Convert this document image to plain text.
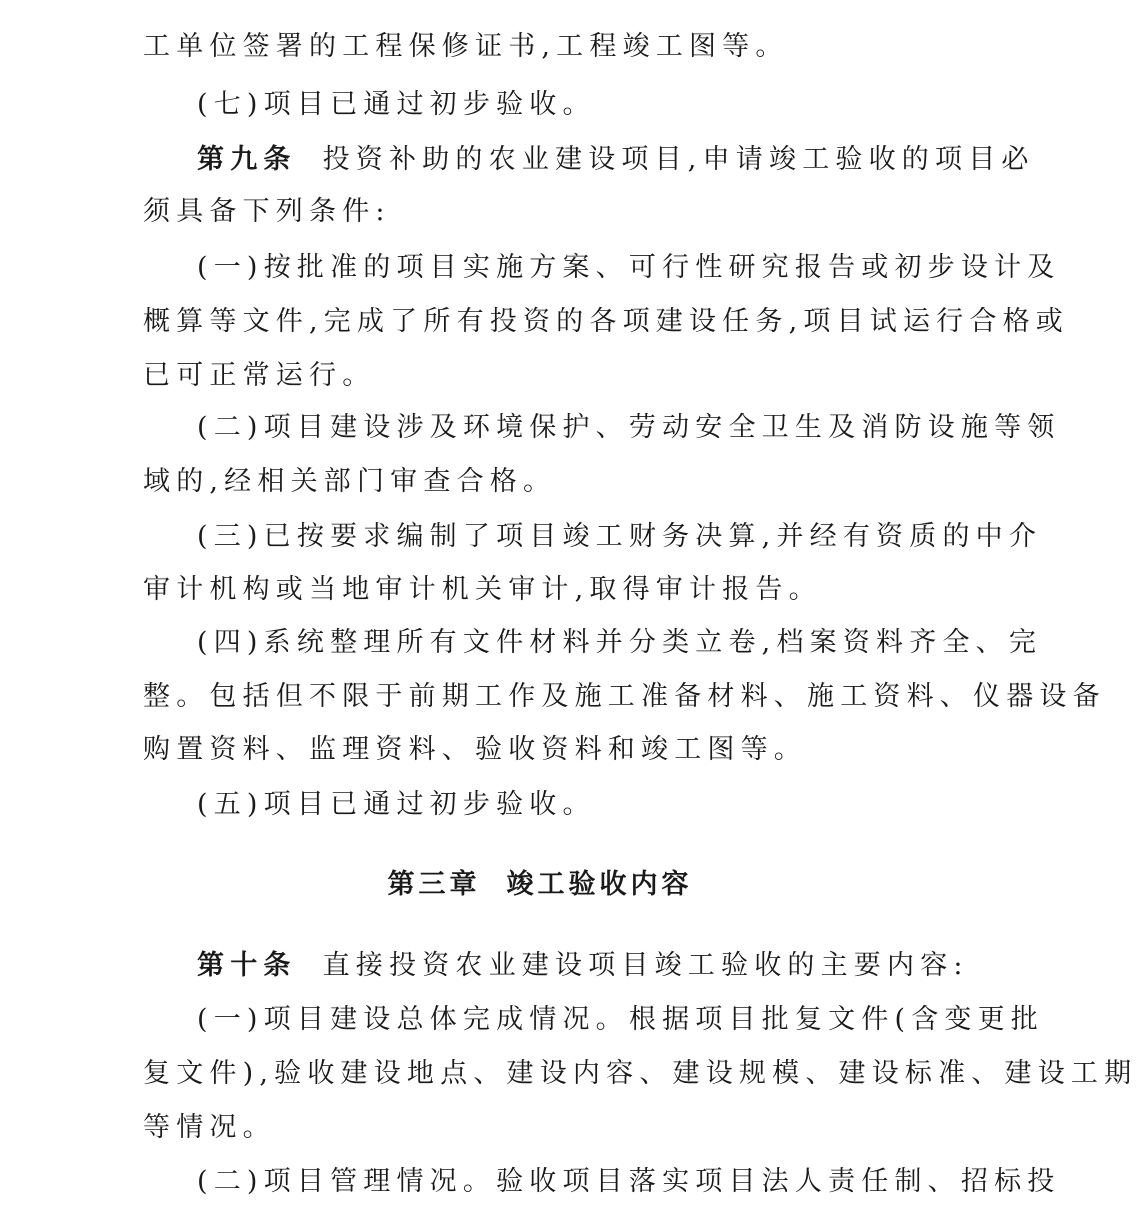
工单位签署的工程保修证书,工程竣工图等。
(七)项目已通过初步验收。
第九条 投资补助的农业建设项目,申请竣工验收的项目必
须具备下列条件:
(一)按批准的项目实施方案、可行性研究报告或初步设计及
概算等文件,完成了所有投资的各项建设任务,项目试运行合格或
已可正常运行。
(二)项目建设涉及环境保护、劳动安全卫生及消防设施等领
域的,经相关部门审查合格。
(三)已按要求编制了项目竣工财务决算,并经有资质的中介
审计机构或当地审计机关审计,取得审计报告。
(四)系统整理所有文件材料并分类立卷,档案资料齐全、完
整。包括但不限于前期工作及施工准备材料、施工资料、仪器设备
购置资料、监理资料、验收资料和竣工图等。
(五)项目已通过初步验收。
第三章 竣工验收内容
第十条 直接投资农业建设项目竣工验收的主要内容:
(一)项目建设总体完成情况。根据项目批复文件(含变更批
复文件),验收建设地点、建设内容、建设规模、建设标准、建设工期
等情况。
(二)项目管理情况。验收项目落实项目法人责任制、招标投
